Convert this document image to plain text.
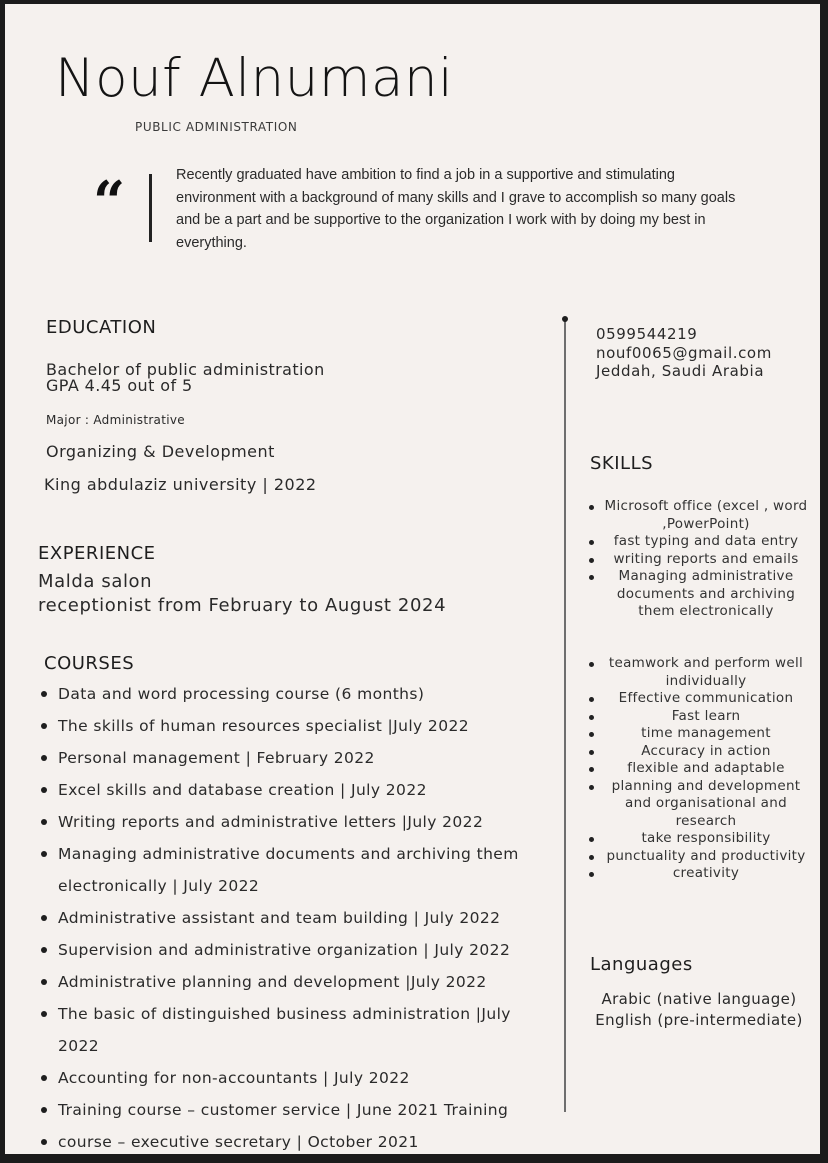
Nouf Alnumani
PUBLIC ADMINISTRATION
“	Recently graduated have ambition to find a job in a supportive and stimulating environment with a background of many skills and I grave to accomplish so many goals and be a part and be supportive to the organization I work with by doing my best in everything.
EDUCATION
Bachelor of public administration
GPA 4.45 out of 5
Major : Administrative
Organizing & Development
King abdulaziz university | 2022
EXPERIENCE
Malda salon
receptionist from February to August 2024
COURSES
Data and word processing course (6 months)
The skills of human resources specialist |July 2022
Personal management | February 2022
Excel skills and database creation | July 2022
Writing reports and administrative letters |July 2022
Managing administrative documents and archiving them electronically | July 2022
Administrative assistant and team building | July 2022
Supervision and administrative organization | July 2022
Administrative planning and development |July 2022
The basic of distinguished business administration |July 2022
Accounting for non-accountants | July 2022
Training course – customer service | June 2021 Training
course – executive secretary | October 2021
0599544219
nouf0065@gmail.com
Jeddah, Saudi Arabia
SKILLS
Microsoft office (excel , word ,PowerPoint)
fast typing and data entry
writing reports and emails
Managing administrative documents and archiving them electronically
teamwork and perform well individually
Effective communication
Fast learn
time management
Accuracy in action
flexible and adaptable
planning and development and organisational and research
take responsibility
punctuality and productivity
creativity
Languages
Arabic (native language)
English (pre-intermediate)
